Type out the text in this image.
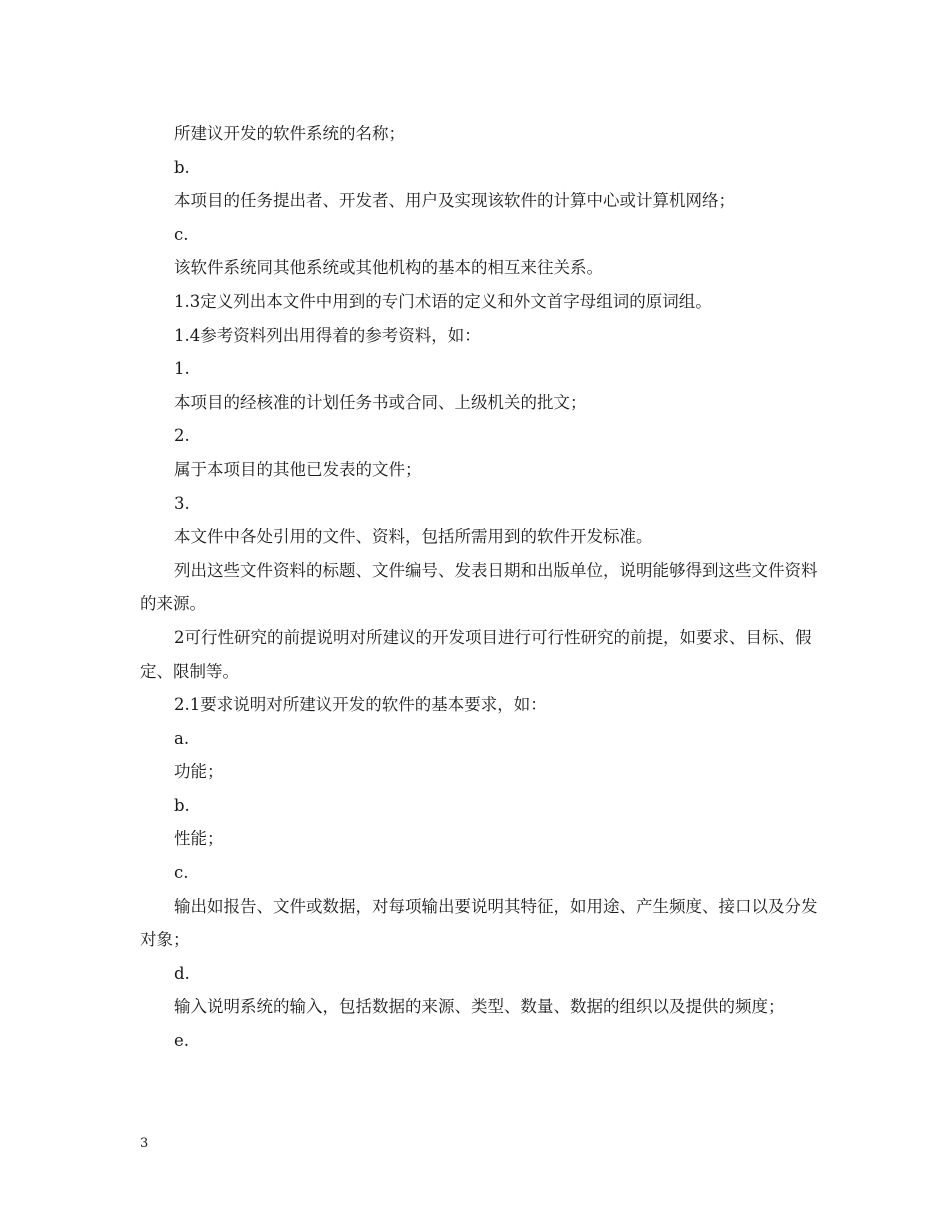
所建议开发的软件系统的名称；

b.

本项目的任务提出者、开发者、用户及实现该软件的计算中心或计算机网络；

c.

该软件系统同其他系统或其他机构的基本的相互来往关系。

1.3定义列出本文件中用到的专门术语的定义和外文首字母组词的原词组。

1.4参考资料列出用得着的参考资料，如：

1.

本项目的经核准的计划任务书或合同、上级机关的批文；

2.

属于本项目的其他已发表的文件；

3.

本文件中各处引用的文件、资料，包括所需用到的软件开发标准。

列出这些文件资料的标题、文件编号、发表日期和出版单位，说明能够得到这些文件资料的来源。

2可行性研究的前提说明对所建议的开发项目进行可行性研究的前提，如要求、目标、假定、限制等。

2.1要求说明对所建议开发的软件的基本要求，如：

a.

功能；

b.

性能；

c.

输出如报告、文件或数据，对每项输出要说明其特征，如用途、产生频度、接口以及分发对象；

d.

输入说明系统的输入，包括数据的来源、类型、数量、数据的组织以及提供的频度；

e.

3
